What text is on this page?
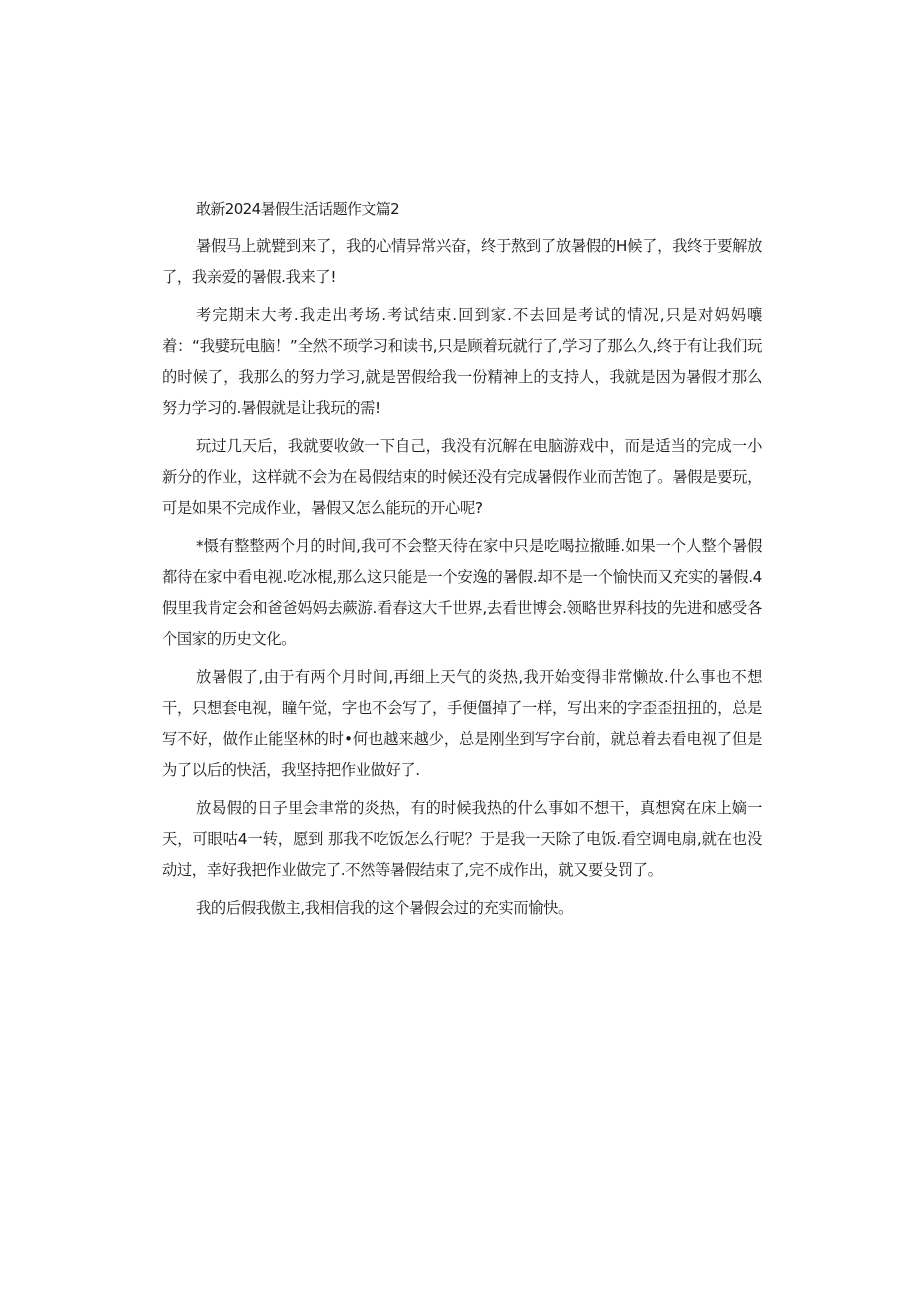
敢新2024暑假生活话题作文篇2

暑假马上就甓到来了，我的心情异常兴奋，终于熬到了放暑假的H候了，我终于要解放了，我亲爱的暑假.我来了!

考完期末大考.我走出考场.考试结束.回到家.不去回是考试的情况,只是对妈妈嚷着：“我嬖玩电脑！”全然不顼学习和读书,只是顾着玩就行了,学习了那么久,终于有让我们玩的时候了，我那么的努力学习,就是罟假给我一份精神上的支持人，我就是因为暑假才那么努力学习的.暑假就是让我玩的需!

玩过几天后，我就要收敛一下自己，我没有沉解在电脑游戏中，而是适当的完成一小新分的作业，这样就不会为在曷假结束的时候还没有完成暑假作业而苦饱了。暑假是要玩，可是如果不完成作业，暑假又怎么能玩的开心呢?

*慑有整整两个月的时间,我可不会整天待在家中只是吃喝拉撤睡.如果一个人整个暑假都待在家中看电视.吃冰棍,那么这只能是一个安逸的暑假.却不是一个愉快而又充实的暑假.4假里我肯定会和爸爸妈妈去蕨游.看春这大千世界,去看世博会.领略世界科技的先进和感受各个国家的历史文化。

放暑假了,由于有两个月时间,再细上天气的炎热,我开始变得非常懒故.什么事也不想干，只想套电视，瞳午觉，字也不会写了，手便僵掉了一样，写出来的字歪歪扭扭的，总是写不好，做作止能坚林的时•何也越来越少，总是刚坐到写字台前，就总着去看电视了但是为了以后的快活，我坚持把作业做好了.

放曷假的日子里会聿常的炎热，有的时候我热的什么事如不想干，真想窝在床上嫡一天，可眼咕4一转，愿到 那我不吃饭怎么行呢？于是我一天除了电饭.看空调电扇,就在也没动过，幸好我把作业做完了.不然等暑假结束了,完不成作出，就又要殳罚了。

我的后假我傲主,我相信我的这个暑假会过的充实而愉快。
